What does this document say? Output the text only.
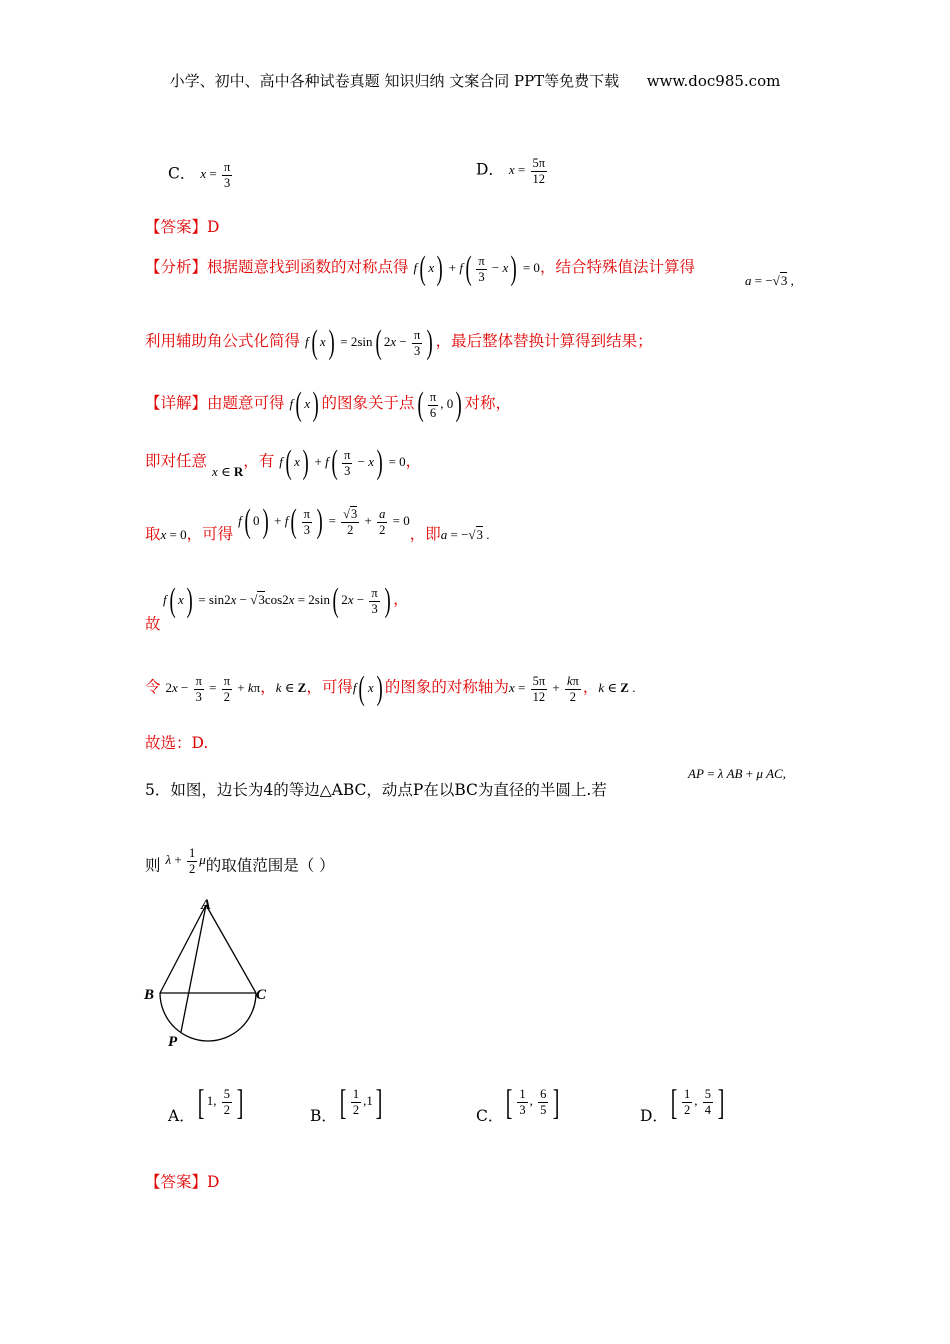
小学、初中、高中各种试卷真题 知识归纳 文案合同 PPT等免费下载 www.doc985.com
C． $x = \frac{\pi}{3}$	D． $x = \frac{5\pi}{12}$
【答案】D
【分析】根据题意找到函数的对称点得 f( $x) + f( \frac{\pi}{3} - x) = 0$，结合特殊值法计算得
a = −√3 ,
利用辅助角公式化简得 f( x) = 2sin( $2x - \frac{\pi}{3}$ ) ，最后整体替换计算得到结果；
【详解】由题意可得 f( x) 的图象关于点( $\frac{\pi}{6}$ , 0) 对称，
即对任意 $_{x \in R}$，有 f( $x) + f( \frac{\pi}{3} - x) = 0$，
取$_{x = 0}$，可得 f( $0) + f( \frac{\pi}{3}$ ) = $\frac{√3}{2} + \frac{a}{2} = 0$，即$_{a = -√3 .}$
故
f( x) = sin2x − √3cos2x = 2sin( $2x - \frac{\pi}{3}$ ) ，
令 $2x - \frac{\pi}{3} = \frac{\pi}{2} + k\pi$，k ∈ Z，可得f( x) 的图象的对称轴为$x = \frac{5\pi}{12} + \frac{k\pi}{2}$ ，k ∈ Z .
故选：D.
5．如图，边长为4的等边△ABC，动点P在以BC为直径的半圆上.若
AP = λ AB + μ AC,
则 $^{\lambda + \frac{1}{2} \mu}$的取值范围是（ ）
A
B	C
P
A．[ 1, $\frac{5}{2}$ ]	B．[ $\frac{1}{2} ,1$]	C．[ $\frac{1}{3}$ , $\frac{6}{5}$ ]	D．[ $\frac{1}{2}$ , $\frac{5}{4}$ ]
【答案】D
